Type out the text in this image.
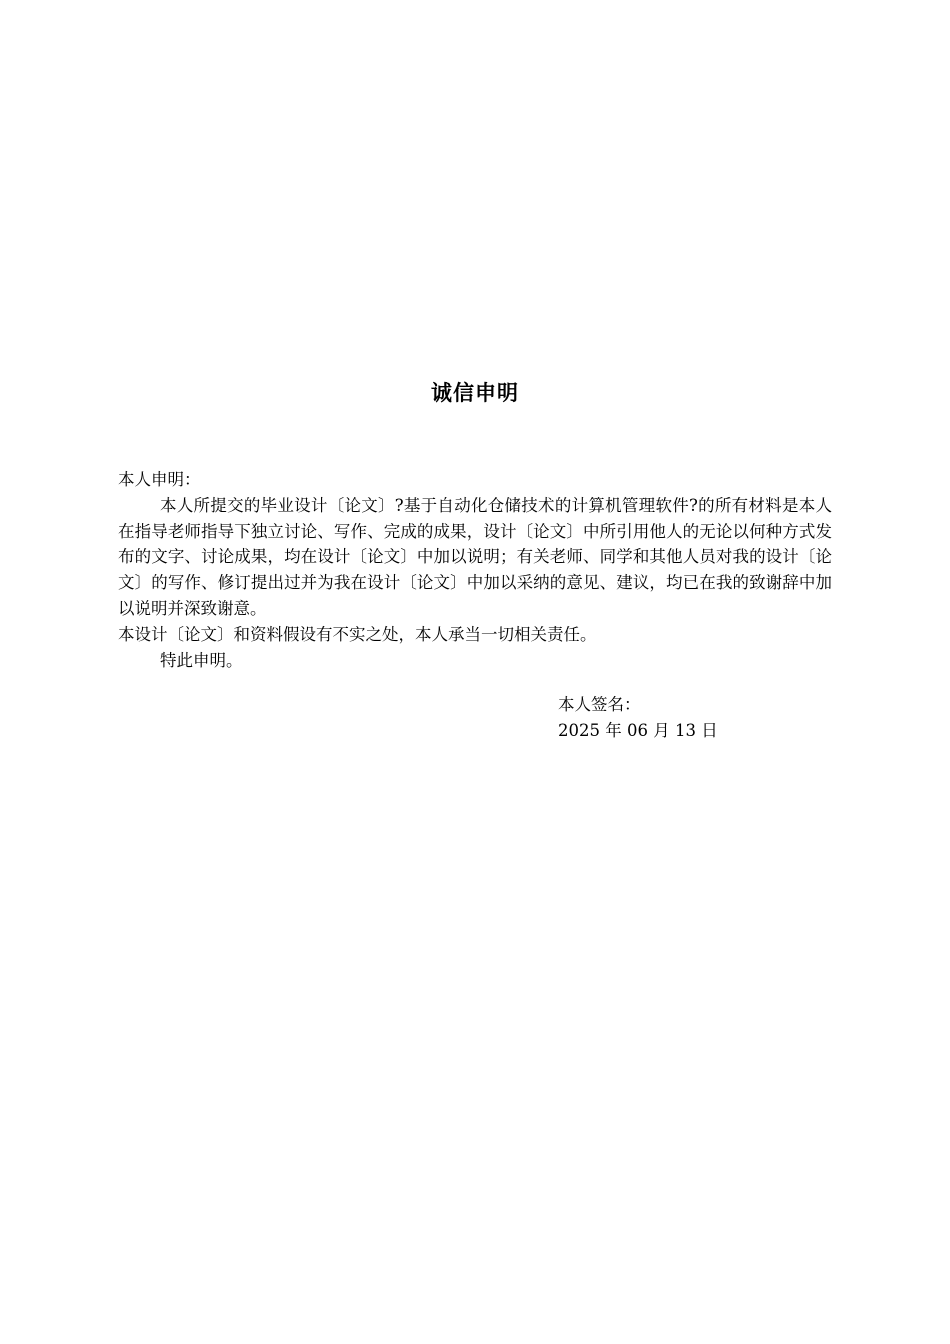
诚信申明

本人申明：

本人所提交的毕业设计〔论文〕?基于自动化仓储技术的计算机管理软件?的所有材料是本人在指导老师指导下独立讨论、写作、完成的成果，设计〔论文〕中所引用他人的无论以何种方式发布的文字、讨论成果，均在设计〔论文〕中加以说明；有关老师、同学和其他人员对我的设计〔论文〕的写作、修订提出过并为我在设计〔论文〕中加以采纳的意见、建议，均已在我的致谢辞中加以说明并深致谢意。

本设计〔论文〕和资料假设有不实之处，本人承当一切相关责任。

特此申明。

本人签名：
2025 年 06 月 13 日
